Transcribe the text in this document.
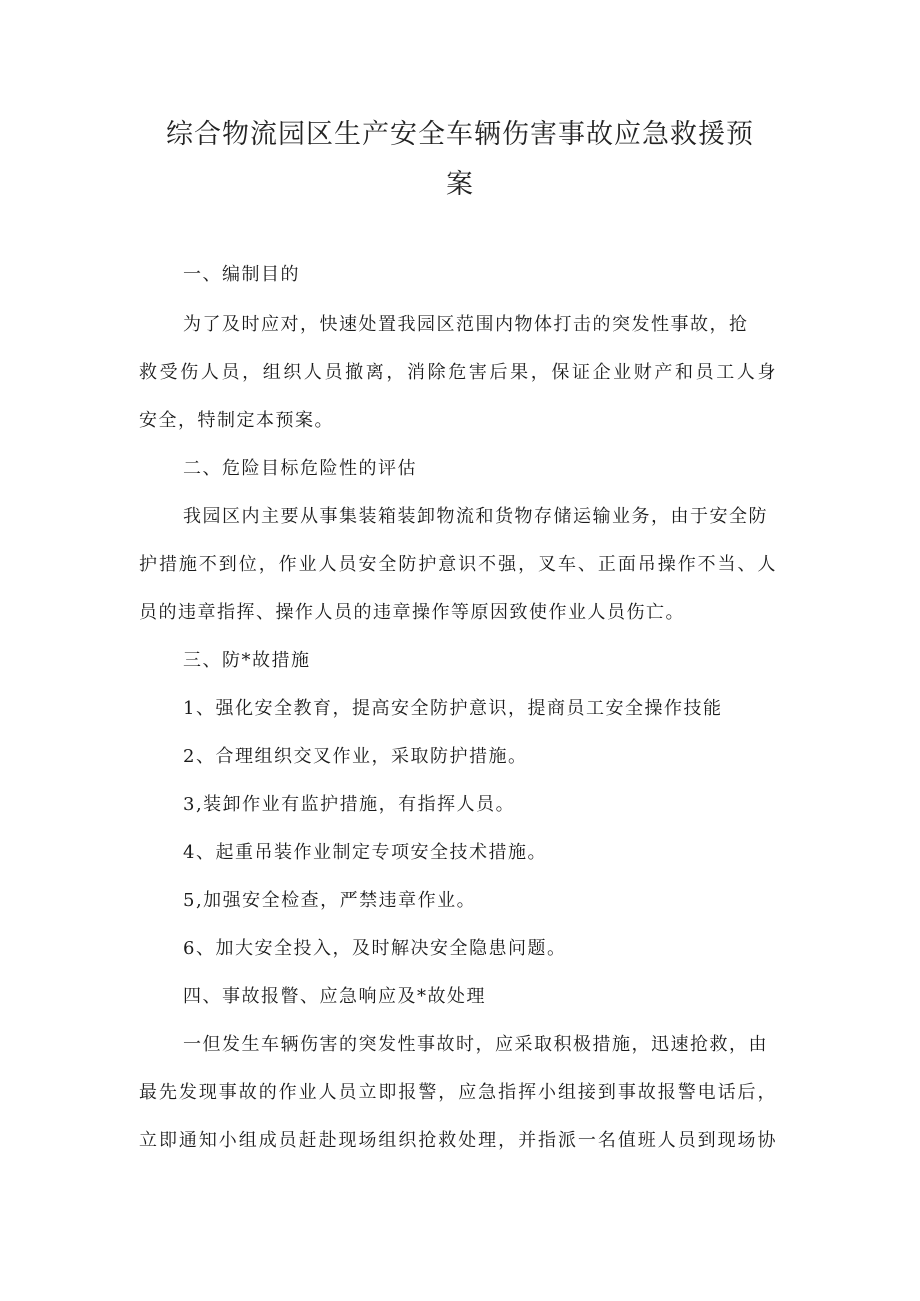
综合物流园区生产安全车辆伤害事故应急救援预
案

一、编制目的

为了及时应对，快速处置我园区范围内物体打击的突发性事故，抢

救受伤人员，组织人员撤离，消除危害后果，保证企业财产和员工人身

安全，特制定本预案。

二、危险目标危险性的评估

我园区内主要从事集装箱装卸物流和货物存储运输业务，由于安全防

护措施不到位，作业人员安全防护意识不强，叉车、正面吊操作不当、人

员的违章指挥、操作人员的违章操作等原因致使作业人员伤亡。

三、防*故措施

1、强化安全教育，提高安全防护意识，提商员工安全操作技能

2、合理组织交叉作业，采取防护措施。

3,装卸作业有监护措施，有指挥人员。

4、起重吊装作业制定专项安全技术措施。

5,加强安全检查，严禁违章作业。

6、加大安全投入，及时解决安全隐患问题。

四、事故报瞥、应急响应及*故处理

一但发生车辆伤害的突发性事故时，应采取积极措施，迅速抢救，由

最先发现事故的作业人员立即报警，应急指挥小组接到事故报警电话后，

立即通知小组成员赶赴现场组织抢救处理，并指派一名值班人员到现场协
